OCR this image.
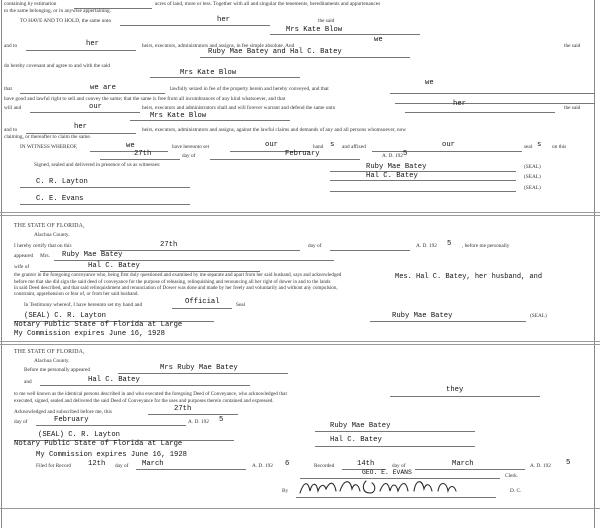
containing by estimation	acres of land, more or less. Together with all and singular the tenements, hereditaments and appurtenances
to the same belonging, or in anywise appertaining.
TO HAVE AND TO HOLD, the same unto	her	the said
Mrs Kate Blow
and to	her	heirs, executors, administrators and assigns, in fee simple absolute. And
we
the said
Ruby Mae Batey and Hal C. Batey
do hereby covenant and agree to and with the said
Mrs Kate Blow
that	we are	lawfully seized in fee of the property herein and hereby conveyed, and that
we
have good and lawful right to sell and convey the same; that the same is free from all incumbrances of any kind whatsoever, and that
will and	our	heirs, executors and administrators shall and will forever warrant and defend the same unto	her	the said
Mrs Kate Blow
and to	her	heirs, executors, administrators and assigns, against the lawful claims and demands of any and all persons whomsoever, now
claiming, or thereafter to claim the same.
IN WITNESS WHEREOF,	we	have hereunto set	our	s
hand	and affixed	our	s
seal	on this
27th	day of	February	A. D. 192 5
Signed, sealed and delivered in presence of us as witnesses:	Ruby Mae Batey	(SEAL)
Hal C. Batey	(SEAL)
C. R. Layton
(SEAL)
C. E. Evans
THE STATE OF FLORIDA,
Alachua County.
I hereby certify that on this	27th	day of	A. D. 192 5 , before me personally
appeared Mrs. Ruby Mae Batey
wife of	Hal C. Batey
the grantor in the foregoing conveyance who, being first duly questioned and examined by me separate and apart from her said husband, says and acknowledged	Mes. Hal C. Batey, her husband, and
before me that she did sign the said deed of conveyance for the purpose of releasing, relinquishing and renouncing all her right of dower in and to the lands
in said Deed described, and that said relinquishment and renunciation of Dower was done and made by her freely and voluntarily and without any compulsion,
constraint, apprehension or fear of, or from her said husband.
In Testimony whereof, I have hereunto set my hand and	Official	Seal
(SEAL) C. R. Layton
Notary Public State of Florida at Large
My Commission expires June 16, 1928
Ruby Mae Batey	(SEAL)
THE STATE OF FLORIDA,
Alachua County.
Before me personally appeared	Mrs Ruby Mae Batey
and	Hal C. Batey
to me well known as the identical persons described in and who executed the foregoing Deed of Conveyance, who acknowledged that	they
executed, signed, sealed and delivered the said Deed of Conveyance for the uses and purposes therein contained and expressed.
Acknowledged and subscribed before me, this	27th
day of	February	A. D. 192 5
(SEAL) C. R. Layton
Notary Public State of Florida at Large
My Commission expires June 16, 1928
Ruby Mae Batey
Hal C. Batey
Filed for Record 12th day of March	A. D. 192 6	Recorded	14th	day of	March	A. D. 192 5
GEO. E. EVANS	Clerk.
By	D. C.
